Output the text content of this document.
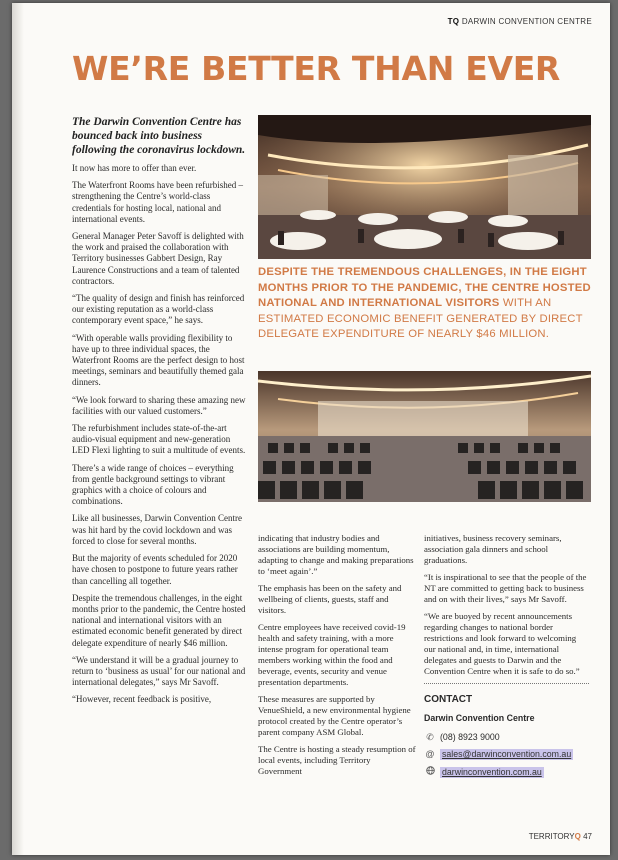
TQ DARWIN CONVENTION CENTRE
WE’RE BETTER THAN EVER

The Darwin Convention Centre has bounced back into business following the coronavirus lockdown.

It now has more to offer than ever.

The Waterfront Rooms have been refurbished – strengthening the Centre’s world-class credentials for hosting local, national and international events.

General Manager Peter Savoff is delighted with the work and praised the collaboration with Territory businesses Gabbert Design, Ray Laurence Constructions and a team of talented contractors.

“The quality of design and finish has reinforced our existing reputation as a world-class contemporary event space,” he says.

“With operable walls providing flexibility to have up to three individual spaces, the Waterfront Rooms are the perfect design to host meetings, seminars and beautifully themed gala dinners.

“We look forward to sharing these amazing new facilities with our valued customers.”

The refurbishment includes state-of-the-art audio-visual equipment and new-generation LED Flexi lighting to suit a multitude of events.

There’s a wide range of choices – everything from gentle background settings to vibrant graphics with a choice of colours and combinations.

Like all businesses, Darwin Convention Centre was hit hard by the covid lockdown and was forced to close for several months.

But the majority of events scheduled for 2020 have chosen to postpone to future years rather than cancelling all together.

Despite the tremendous challenges, in the eight months prior to the pandemic, the Centre hosted national and international visitors with an estimated economic benefit generated by direct delegate expenditure of nearly $46 million.

“We understand it will be a gradual journey to return to ‘business as usual’ for our national and international delegates,” says Mr Savoff.

“However, recent feedback is positive,

DESPITE THE TREMENDOUS CHALLENGES, IN THE EIGHT MONTHS PRIOR TO THE PANDEMIC, THE CENTRE HOSTED NATIONAL AND INTERNATIONAL VISITORS WITH AN ESTIMATED ECONOMIC BENEFIT GENERATED BY DIRECT DELEGATE EXPENDITURE OF NEARLY $46 MILLION.

indicating that industry bodies and associations are building momentum, adapting to change and making preparations to ‘meet again’.”

The emphasis has been on the safety and wellbeing of clients, guests, staff and visitors.

Centre employees have received covid-19 health and safety training, with a more intense program for operational team members working within the food and beverage, events, security and venue presentation departments.

These measures are supported by VenueShield, a new environmental hygiene protocol created by the Centre operator’s parent company ASM Global.

The Centre is hosting a steady resumption of local events, including Territory Government

initiatives, business recovery seminars, association gala dinners and school graduations.

“It is inspirational to see that the people of the NT are committed to getting back to business and on with their lives,” says Mr Savoff.

“We are buoyed by recent announcements regarding changes to national border restrictions and look forward to welcoming our national and, in time, international delegates and guests to Darwin and the Convention Centre when it is safe to do so.”

CONTACT
Darwin Convention Centre
✆ (08) 8923 9000
@ sales@darwinconvention.com.au
darwinconvention.com.au
TERRITORYQ 47
